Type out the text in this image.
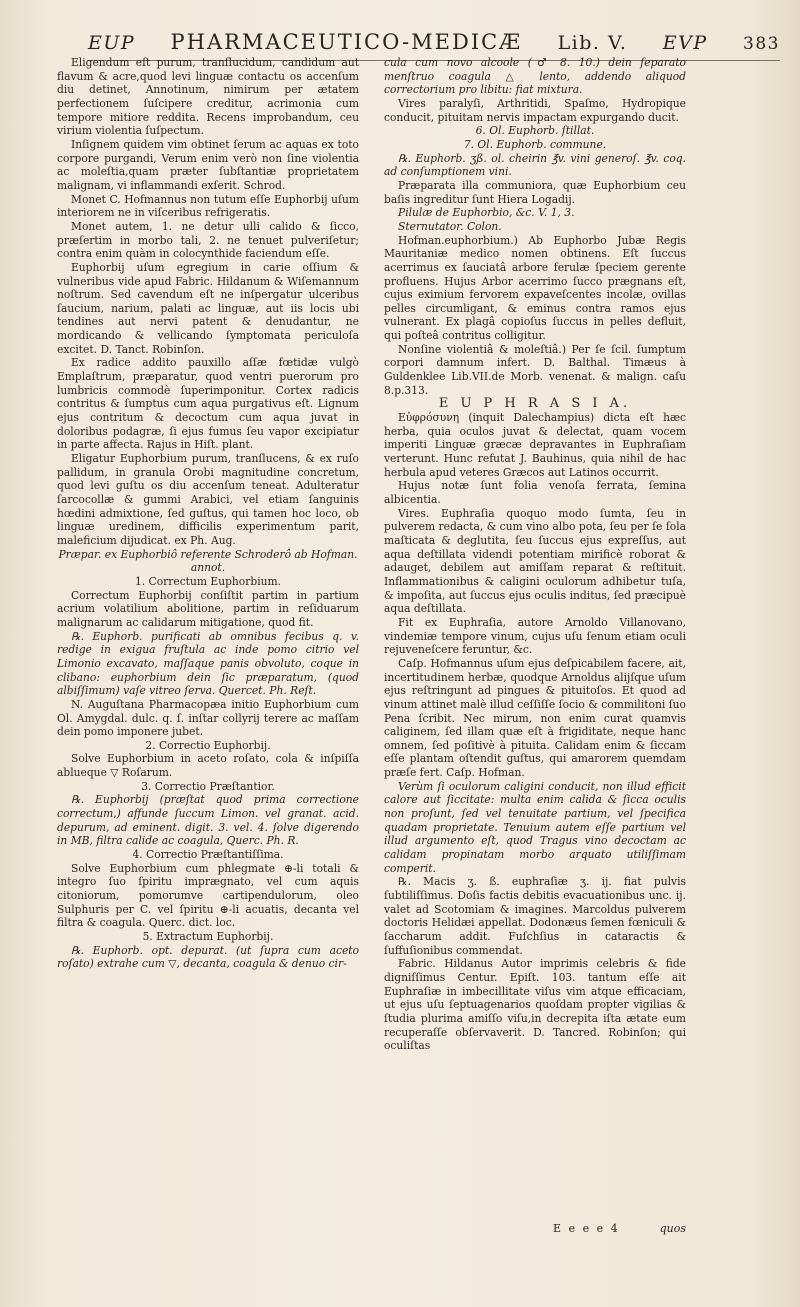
EUP PHARMACEUTICO-MEDICÆ Lib. V. EVP 383

Eligendum eſt purum, tranſlucidum, candidum aut flavum & acre,quod levi linguæ contactu os accenſum diu detinet, Annotinum, nimirum per ætatem perfectionem ſuſcipere creditur, acrimonia cum tempore mitiore reddita. Recens improbandum, ceu virium violentia ſuſpectum.

Inſignem quidem vim obtinet ſerum ac aquas ex toto corpore purgandi, Verum enim verò non ſine violentia ac moleſtia,quam præter ſubſtantiæ proprietatem malignam, vi inflammandi exſerit. Schrod.

Monet C. Hofmannus non tutum eſſe Euphorbij uſum interiorem ne in viſceribus refrigeratis.

Monet autem, 1. ne detur ulli calido & ſicco, præſertim in morbo tali, 2. ne tenuet pulveriſetur; contra enim quàm in colocynthide faciendum eſſe.

Euphorbij uſum egregium in carie oſſium & vulneribus vide apud Fabric. Hildanum & Wiſemannum noſtrum. Sed cavendum eſt ne inſpergatur ulceribus ſaucium, narium, palati ac linguæ, aut iis locis ubi tendines aut nervi patent & denudantur, ne mordicando & vellicando ſymptomata periculoſa excitet. D. Tanct. Robinſon.

Ex radice addito pauxillo aſſæ fœtidæ vulgò Emplaſtrum, præparatur, quod ventri puerorum pro lumbricis commodè ſuperimponitur. Cortex radicis contritus & ſumptus cum aqua purgativus eſt. Lignum ejus contritum & decoctum cum aqua juvat in doloribus podagræ, ſi ejus fumus ſeu vapor excipiatur in parte affecta. Rajus in Hiſt. plant.

Eligatur Euphorbium purum, tranſlucens, & ex ruſo pallidum, in granula Orobi magnitudine concretum, quod levi guſtu os diu accenſum teneat. Adulteratur ſarcocollæ & gummi Arabici, vel etiam ſanguinis hœdini admixtione, ſed guſtus, qui tamen hoc loco, ob linguæ uredinem, difficilis experimentum parit, maleficium dijudicat. ex Ph. Aug.

Præpar. ex Euphorbiô referente Schroderô ab Hofman. annot.

1. Correctum Euphorbium.

Correctum Euphorbij conſiſtit partim in partium acrium volatilium abolitione, partim in reſiduarum malignarum ac calidarum mitigatione, quod fit.

℞. Euphorb. purificati ab omnibus fecibus q. v. redige in exigua fruſtula ac inde pomo citrio vel Limonio excavato, maſſaque panis obvoluto, coque in clibano: euphorbium dein ſic præparatum, (quod albiſſimum) vaſe vitreo ſerva. Quercet. Ph. Reſt.

N. Auguſtana Pharmacopæa initio Euphorbium cum Ol. Amygdal. dulc. q. ſ. inſtar collyrij terere ac maſſam dein pomo imponere jubet.

2. Correctio Euphorbij.

Solve Euphorbium in aceto roſato, cola & inſpiſſa ablueque ▽ Roſarum.

3. Correctio Præſtantior.

℞. Euphorbij (præſtat quod prima correctione correctum,) affunde ſuccum Limon. vel granat. acid. depurum, ad eminent. digit. 3. vel. 4. ſolve digerendo in MB, filtra calide ac coagula, Querc. Ph. R.

4. Correctio Præſtantiſſima.

Solve Euphorbium cum phlegmate ⊕-li totali & integro ſuo ſpiritu imprægnato, vel cum aquis citoniorum, pomorumve cartipendulorum, oleo Sulphuris per C. vel ſpiritu ⊕-li acuatis, decanta vel filtra & coagula. Querc. dict. loc.

5. Extractum Euphorbij.

℞. Euphorb. opt. depurat. (ut ſupra cum aceto roſato) extrahe cum ▽, decanta, coagula & denuo cir-

cula cum novo alcoole (♂ 8. 10.) dein ſeparato menſtruo coagula △ lento, addendo aliquod correctorium pro libitu: fiat mixtura.

Vires paralyſi, Arthritidi, Spaſmo, Hydropique conducit, pituitam nervis impactam expurgando ducit.

6. Ol. Euphorb. ſtillat.

7. Ol. Euphorb. commune.

℞. Euphorb. ʒß. ol. cheirin ℥v. vini generoſ. ℥v. coq. ad conſumptionem vini.

Præparata illa communiora, quæ Euphorbium ceu baſis ingreditur ſunt Hiera Logadij.

Pilulæ de Euphorbio, &c. V. 1, 3.

Sternutator. Colon.

Hofman.euphorbium.) Ab Euphorbo Jubæ Regis Mauritaniæ medico nomen obtinens. Eſt ſuccus acerrimus ex ſauciatâ arbore ferulæ ſpeciem gerente profluens. Hujus Arbor acerrimo ſucco prægnans eſt, cujus eximium fervorem expaveſcentes incolæ, ovillas pelles circumligant, & eminus contra ramos ejus vulnerant. Ex plagâ copioſus ſuccus in pelles defluit, qui poſteâ contritus colligitur.

Nonſine violentiâ & moleſtiâ.) Per ſe ſcil. ſumptum corpori damnum infert. D. Balthal. Timæus à Guldenklee Lib.VII.de Morb. venenat. & malign. caſu 8.p.313.

E U P H R A S I A.

Εὐφρόσυνη (inquit Dalechampius) dicta eſt hæc herba, quia oculos juvat & delectat, quam vocem imperiti Linguæ græcæ depravantes in Euphraſiam verterunt. Hunc refutat J. Bauhinus, quia nihil de hac herbula apud veteres Græcos aut Latinos occurrit.

Hujus notæ ſunt folia venoſa ferrata, ſemina albicentia.

Vires. Euphraſia quoquo modo ſumta, ſeu in pulverem redacta, & cum vino albo pota, ſeu per ſe ſola maſticata & deglutita, ſeu ſuccus ejus expreſſus, aut aqua deſtillata videndi potentiam mirificè roborat & adauget, debilem aut amiſſam reparat & reſtituit. Inflammationibus & caligini oculorum adhibetur tuſa, & impoſita, aut ſuccus ejus oculis inditus, ſed præcipuè aqua deſtillata.

Fit ex Euphraſia, autore Arnoldo Villanovano, vindemiæ tempore vinum, cujus uſu ſenum etiam oculi rejuveneſcere feruntur, &c.

Caſp. Hofmannus uſum ejus deſpicabilem facere, ait, incertitudinem herbæ, quodque Arnoldus alijſque uſum ejus reſtringunt ad pingues & pituitoſos. Et quod ad vinum attinet malè illud ceſſiſſe ſocio & commilitoni ſuo Pena ſcribit. Nec mirum, non enim curat quamvis caliginem, ſed illam quæ eſt à frigiditate, neque hanc omnem, ſed poſitivè à pituita. Calidam enim & ſiccam eſſe plantam oſtendit guſtus, qui amarorem quemdam præſe fert. Caſp. Hofman.

Verùm ſi oculorum caligini conducit, non illud efficit calore aut ſiccitate: multa enim calida & ſicca oculis non proſunt, ſed vel tenuitate partium, vel ſpecifica quadam proprietate. Tenuium autem eſſe partium vel illud argumento eſt, quod Tragus vino decoctam ac calidam propinatam morbo arquato utiliſſimam comperit.

℞. Macis ʒ. ß. euphraſiæ ʒ. ij. fiat pulvis ſubtiliſſimus. Doſis factis debitis evacuationibus unc. ij. valet ad Scotomiam & imagines. Marcoldus pulverem doctoris Helidæi appellat. Dodonæus ſemen fœniculi & ſaccharum addit. Fuſchſius in cataractis & ſuffuſionibus commendat.

Fabric. Hildanus Autor imprimis celebris & fide digniſſimus Centur. Epiſt. 103. tantum eſſe ait Euphraſiæ in imbecillitate viſus vim atque efficaciam, ut ejus uſu ſeptuagenarios quoſdam propter vigilias & ſtudia plurima amiſſo viſu,in decrepita iſta ætate eum recuperaſſe obſervaverit. D. Tancred. Robinſon; qui oculiſtas

E e e e 4	quos
